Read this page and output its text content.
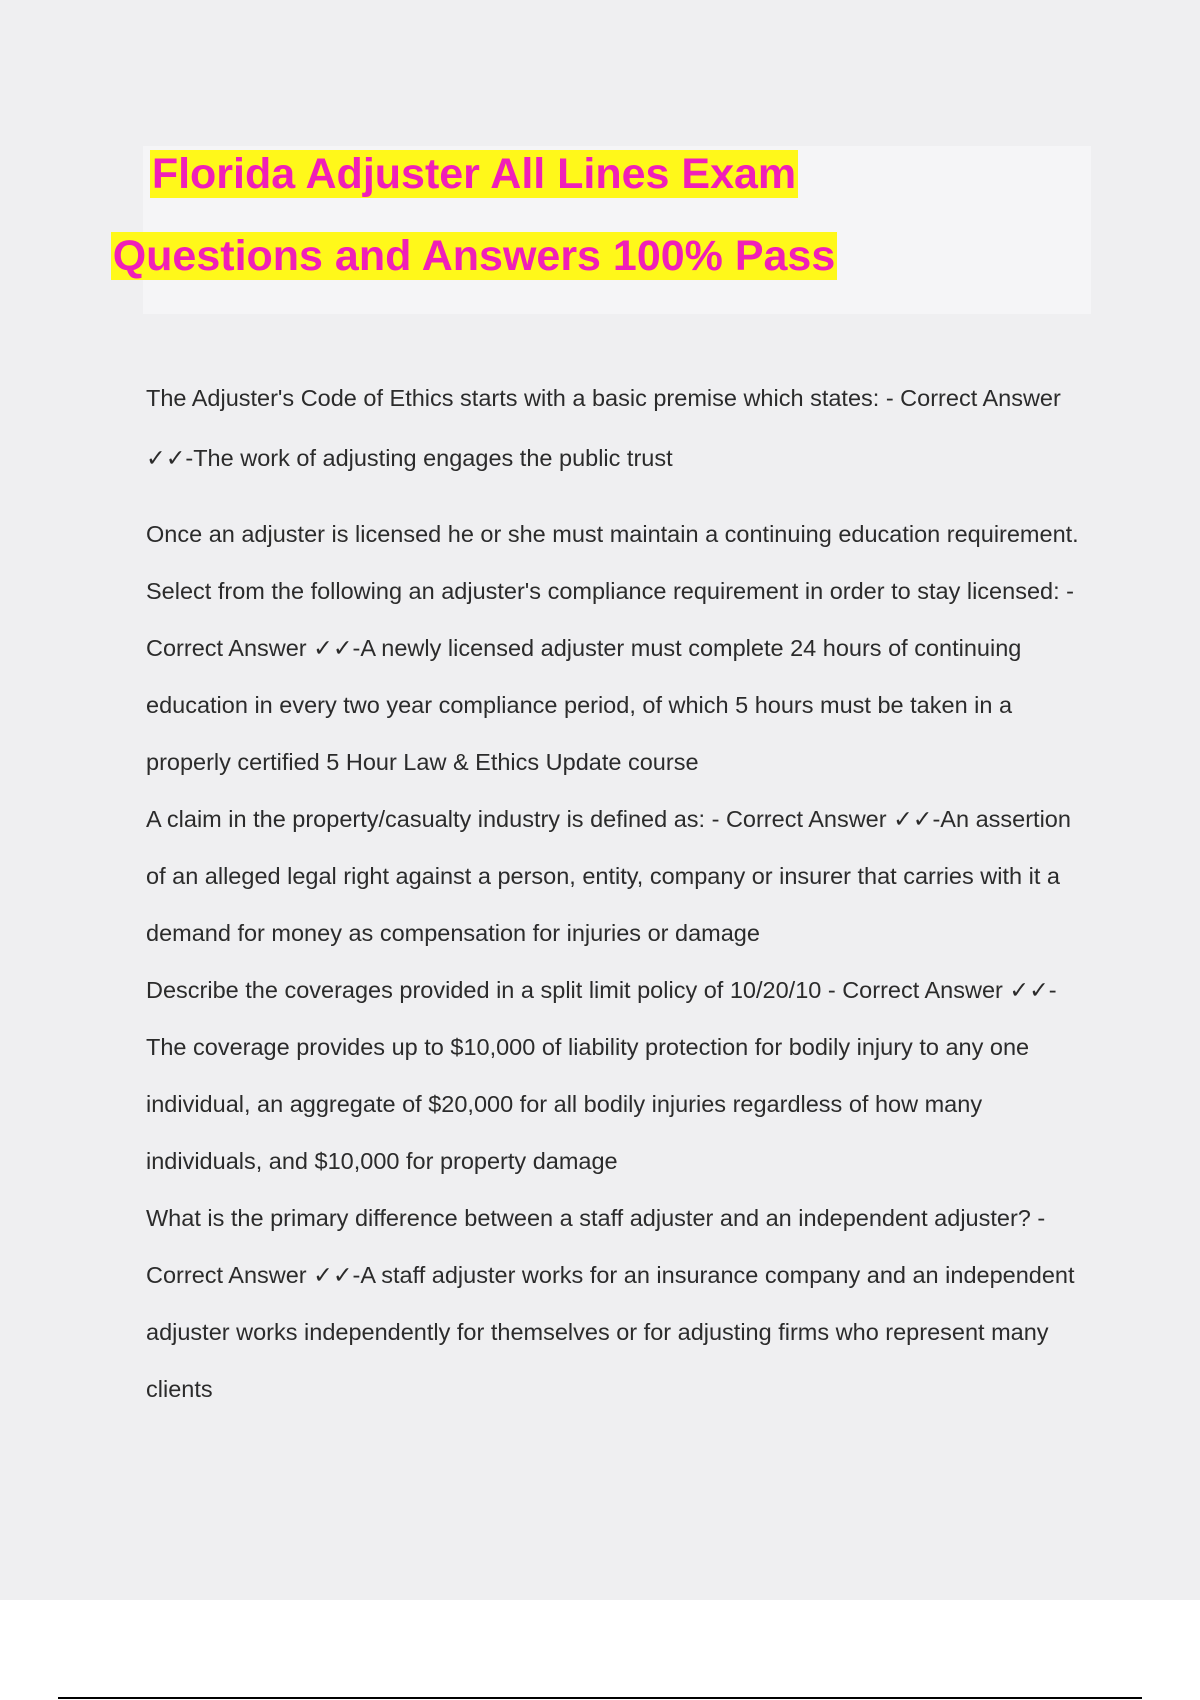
Florida Adjuster All Lines Exam
Questions and Answers 100% Pass

The Adjuster's Code of Ethics starts with a basic premise which states: - Correct Answer ✓✓-The work of adjusting engages the public trust

Once an adjuster is licensed he or she must maintain a continuing education requirement. Select from the following an adjuster's compliance requirement in order to stay licensed: - Correct Answer ✓✓-A newly licensed adjuster must complete 24 hours of continuing education in every two year compliance period, of which 5 hours must be taken in a properly certified 5 Hour Law & Ethics Update course

A claim in the property/casualty industry is defined as: - Correct Answer ✓✓-An assertion of an alleged legal right against a person, entity, company or insurer that carries with it a demand for money as compensation for injuries or damage

Describe the coverages provided in a split limit policy of 10/20/10 - Correct Answer ✓✓-The coverage provides up to $10,000 of liability protection for bodily injury to any one individual, an aggregate of $20,000 for all bodily injuries regardless of how many individuals, and $10,000 for property damage

What is the primary difference between a staff adjuster and an independent adjuster? - Correct Answer ✓✓-A staff adjuster works for an insurance company and an independent adjuster works independently for themselves or for adjusting firms who represent many clients
